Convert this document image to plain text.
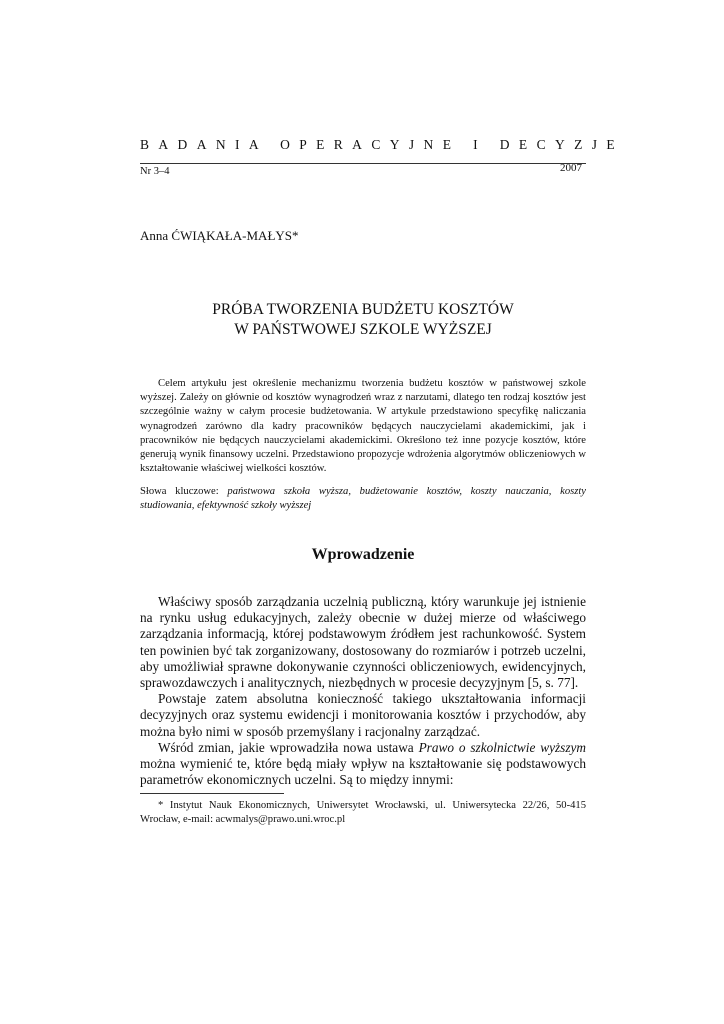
BADANIA OPERACYJNE I DECYZJE
Nr 3–4	2007
Anna ĆWIĄKAŁA-MAŁYS*
PRÓBA TWORZENIA BUDŻETU KOSZTÓW
W PAŃSTWOWEJ SZKOLE WYŻSZEJ
Celem artykułu jest określenie mechanizmu tworzenia budżetu kosztów w państwowej szkole wyższej. Zależy on głównie od kosztów wynagrodzeń wraz z narzutami, dlatego ten rodzaj kosztów jest szczególnie ważny w całym procesie budżetowania. W artykule przedstawiono specyfikę naliczania wynagrodzeń zarówno dla kadry pracowników będących nauczycielami akademickimi, jak i pracowników nie będących nauczycielami akademickimi. Określono też inne pozycje kosztów, które generują wynik finansowy uczelni. Przedstawiono propozycje wdrożenia algorytmów obliczeniowych w kształtowanie właściwej wielkości kosztów.
Słowa kluczowe: państwowa szkoła wyższa, budżetowanie kosztów, koszty nauczania, koszty studiowania, efektywność szkoły wyższej
Wprowadzenie

Właściwy sposób zarządzania uczelnią publiczną, który warunkuje jej istnienie na rynku usług edukacyjnych, zależy obecnie w dużej mierze od właściwego zarządzania informacją, której podstawowym źródłem jest rachunkowość. System ten powinien być tak zorganizowany, dostosowany do rozmiarów i potrzeb uczelni, aby umożliwiał sprawne dokonywanie czynności obliczeniowych, ewidencyjnych, sprawozdawczych i analitycznych, niezbędnych w procesie decyzyjnym [5, s. 77].

Powstaje zatem absolutna konieczność takiego ukształtowania informacji decyzyjnych oraz systemu ewidencji i monitorowania kosztów i przychodów, aby można było nimi w sposób przemyślany i racjonalny zarządzać.

Wśród zmian, jakie wprowadziła nowa ustawa Prawo o szkolnictwie wyższym można wymienić te, które będą miały wpływ na kształtowanie się podstawowych parametrów ekonomicznych uczelni. Są to między innymi:

* Instytut Nauk Ekonomicznych, Uniwersytet Wrocławski, ul. Uniwersytecka 22/26, 50-415 Wrocław, e-mail: acwmalys@prawo.uni.wroc.pl
